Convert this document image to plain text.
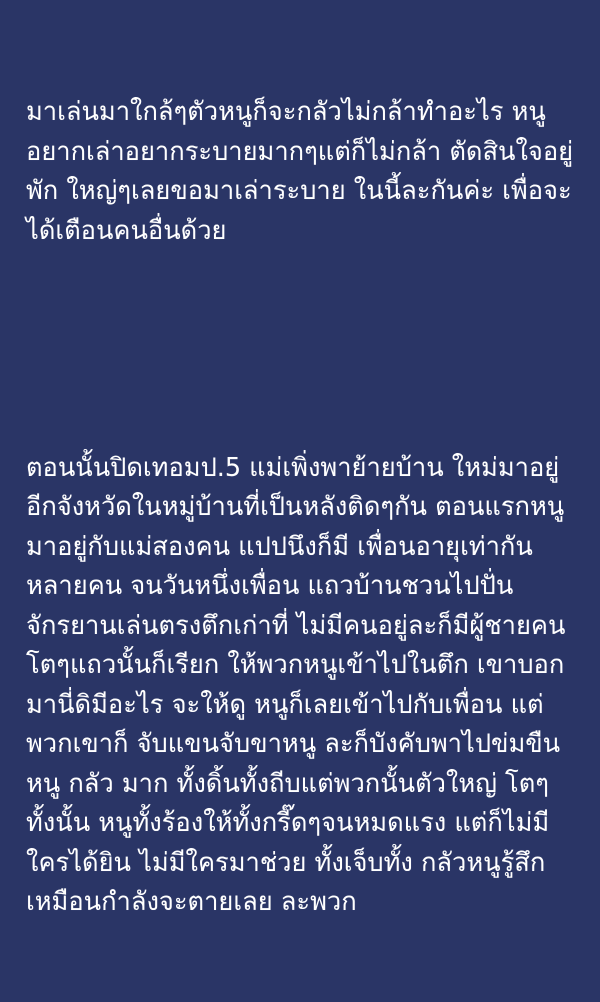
มาเล่นมาใกล้ๆตัวหนูก็จะกลัวไม่กล้าทำอะไร หนูอยากเล่าอยากระบายมากๆแต่ก็ไม่กล้า ตัดสินใจอยู่พัก ใหญ่ๆเลยขอมาเล่าระบาย ในนี้ละกันค่ะ เพื่อจะได้เตือนคนอื่นด้วย

ตอนนั้นปิดเทอมป.5 แม่เพิ่งพาย้ายบ้าน ใหม่มาอยู่อีกจังหวัดในหมู่บ้านที่เป็นหลังติดๆกัน ตอนแรกหนูมาอยู่กับแม่สองคน แปปนึงก็มี เพื่อนอายุเท่ากันหลายคน จนวันหนึ่งเพื่อน แถวบ้านชวนไปปั่นจักรยานเล่นตรงตึกเก่าที่ ไม่มีคนอยู่ละก็มีผู้ชายคนโตๆแถวนั้นก็เรียก ให้พวกหนูเข้าไปในตึก เขาบอกมานี่ดิมีอะไร จะให้ดู หนูก็เลยเข้าไปกับเพื่อน แต่พวกเขาก็ จับแขนจับขาหนู ละก็บังคับพาไปข่มขืน หนู กลัว มาก ทั้งดิ้นทั้งถีบแต่พวกนั้นตัวใหญ่ โตๆทั้งนั้น หนูทั้งร้องให้ทั้งกรี๊ดๆจนหมดแรง แต่ก็ไม่มีใครได้ยิน ไม่มีใครมาช่วย ทั้งเจ็บทั้ง กลัวหนูรู้สึกเหมือนกำลังจะตายเลย ละพวก
